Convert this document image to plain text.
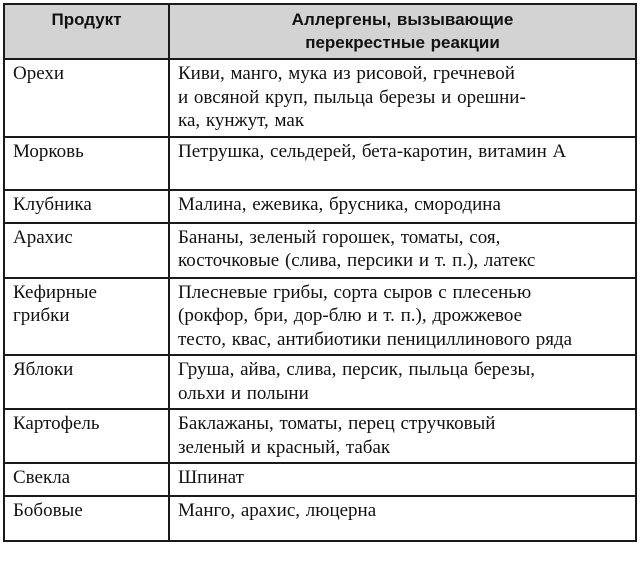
Продукт	Аллергены, вызывающие
перекрестные реакции
Орехи	Киви, манго, мука из рисовой, гречневой
и овсяной круп, пыльца березы и орешни-
ка, кунжут, мак
Морковь	Петрушка, сельдерей, бета-каротин, витамин А
Клубника	Малина, ежевика, брусника, смородина
Арахис	Бананы, зеленый горошек, томаты, соя,
косточковые (слива, персики и т. п.), латекс
Кефирные
грибки	Плесневые грибы, сорта сыров с плесенью
(рокфор, бри, дор-блю и т. п.), дрожжевое
тесто, квас, антибиотики пенициллинового ряда
Яблоки	Груша, айва, слива, персик, пыльца березы,
ольхи и полыни
Картофель	Баклажаны, томаты, перец стручковый
зеленый и красный, табак
Свекла	Шпинат
Бобовые	Манго, арахис, люцерна
